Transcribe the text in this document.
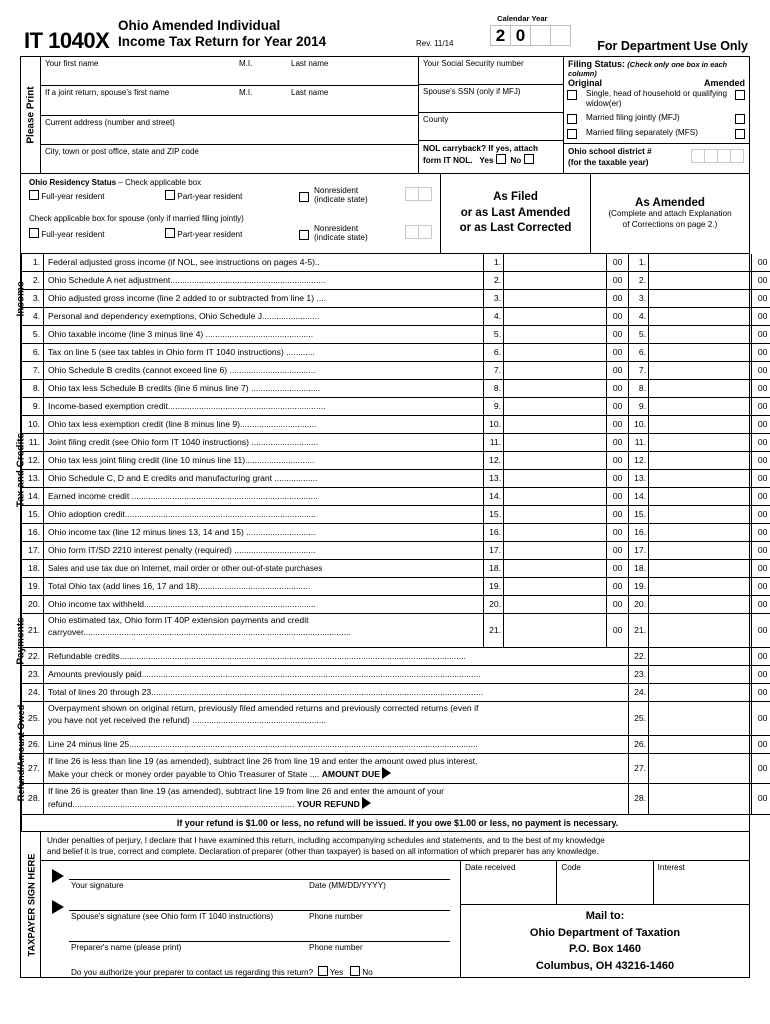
IT 1040X
Ohio Amended Individual
Income Tax Return for Year 2014	Rev. 11/14
Calendar Year
2 0
For Department Use Only
Please Print
Your first name	M.I.	Last name
If a joint return, spouse's first name	M.I.	Last name
Current address (number and street)
City, town or post office, state and ZIP code
Your Social Security number
Spouse's SSN (only if MFJ)
County
NOL carryback? If yes, attach
form IT NOL. Yes No
Filing Status: (Check only one box in each column)
Original	Amended
Single, head of household or qualifying widow(er)
Married filing jointly (MFJ)
Married filing separately (MFS)
Ohio school district #
(for the taxable year)
Ohio Residency Status – Check applicable box
Full-year resident	Part-year resident
Nonresident
(indicate state)
Check applicable box for spouse (only if married filing jointly)
Full-year resident	Part-year resident
Nonresident
(indicate state)
As Filed
or as Last Amended
or as Last Corrected
As Amended
(Complete and attach Explanation
of Corrections on page 2.)
Income
Tax and Credits
Payments
Refund/Amount Owed
1. Federal adjusted gross income (if NOL, see instructions on pages 4-5)..	1.	00	1.	00
2. Ohio Schedule A net adjustment.................................................................	2.	00	2.	00
3. Ohio adjusted gross income (line 2 added to or subtracted from line 1) ....	3.	00	3.	00
4. Personal and dependency exemptions, Ohio Schedule J........................	4.	00	4.	00
5. Ohio taxable income (line 3 minus line 4) .............................................	5.	00	5.	00
6. Tax on line 5 (see tax tables in Ohio form IT 1040 instructions) ............	6.	00	6.	00
7. Ohio Schedule B credits (cannot exceed line 6) ....................................	7.	00	7.	00
8. Ohio tax less Schedule B credits (line 6 minus line 7) .............................	8.	00	8.	00
9. Income-based exemption credit..................................................................	9.	00	9.	00
10. Ohio tax less exemption credit (line 8 minus line 9)................................	10.	00	10.	00
11. Joint filing credit (see Ohio form IT 1040 instructions) ............................	11.	00	11.	00
12. Ohio tax less joint filing credit (line 10 minus line 11).............................	12.	00	12.	00
13. Ohio Schedule C, D and E credits and manufacturing grant ..................	13.	00	13.	00
14. Earned income credit ..............................................................................	14.	00	14.	00
15. Ohio adoption credit................................................................................	15.	00	15.	00
16. Ohio income tax (line 12 minus lines 13, 14 and 15) .............................	16.	00	16.	00
17. Ohio form IT/SD 2210 interest penalty (required) ..................................	17.	00	17.	00
18. Sales and use tax due on Internet, mail order or other out-of-state purchases	18.	00	18.	00
19. Total Ohio tax (add lines 16, 17 and 18)...............................................	19.	00	19.	00
20. Ohio income tax withheld........................................................................	20.	00	20.	00
21.
Ohio estimated tax, Ohio form IT 40P extension payments and credit carryover................................................................................................................	21.	00	21.	00
22. Refundable credits.................................................................................................................................................	22.	00
23. Amounts previously paid..............................................................................................................................................	23.	00
24. Total of lines 20 through 23...........................................................................................................................................	24.	00
25.
Overpayment shown on original return, previously filed amended returns and previously corrected returns (even if you have not yet received the refund) ........................................................	25.	00
26. Line 24 minus line 25..................................................................................................................................................	26.	00
27.
If line 26 is less than line 19 (as amended), subtract line 26 from line 19 and enter the amount owed plus interest. Make your check or money order payable to Ohio Treasurer of State .... AMOUNT DUE
27.	00
28.
If line 26 is greater than line 19 (as amended), subtract line 19 from line 26 and enter the amount of your refund............................................................................................. YOUR REFUND
28.	00
If your refund is $1.00 or less, no refund will be issued. If you owe $1.00 or less, no payment is necessary.
TAXPAYER SIGN HERE
Under penalties of perjury, I declare that I have examined this return, including accompanying schedules and statements, and to the best of my knowledge
and belief it is true, correct and complete. Declaration of preparer (other than taxpayer) is based on all information of which preparer has any knowledge.
Your signature	Date (MM/DD/YYYY)
Spouse's signature (see Ohio form IT 1040 instructions)	Phone number
Preparer's name (please print)	Phone number
Do you authorize your preparer to contact us regarding this return? Yes No
Date received	Code	Interest
Mail to:
Ohio Department of Taxation
P.O. Box 1460
Columbus, OH 43216-1460
